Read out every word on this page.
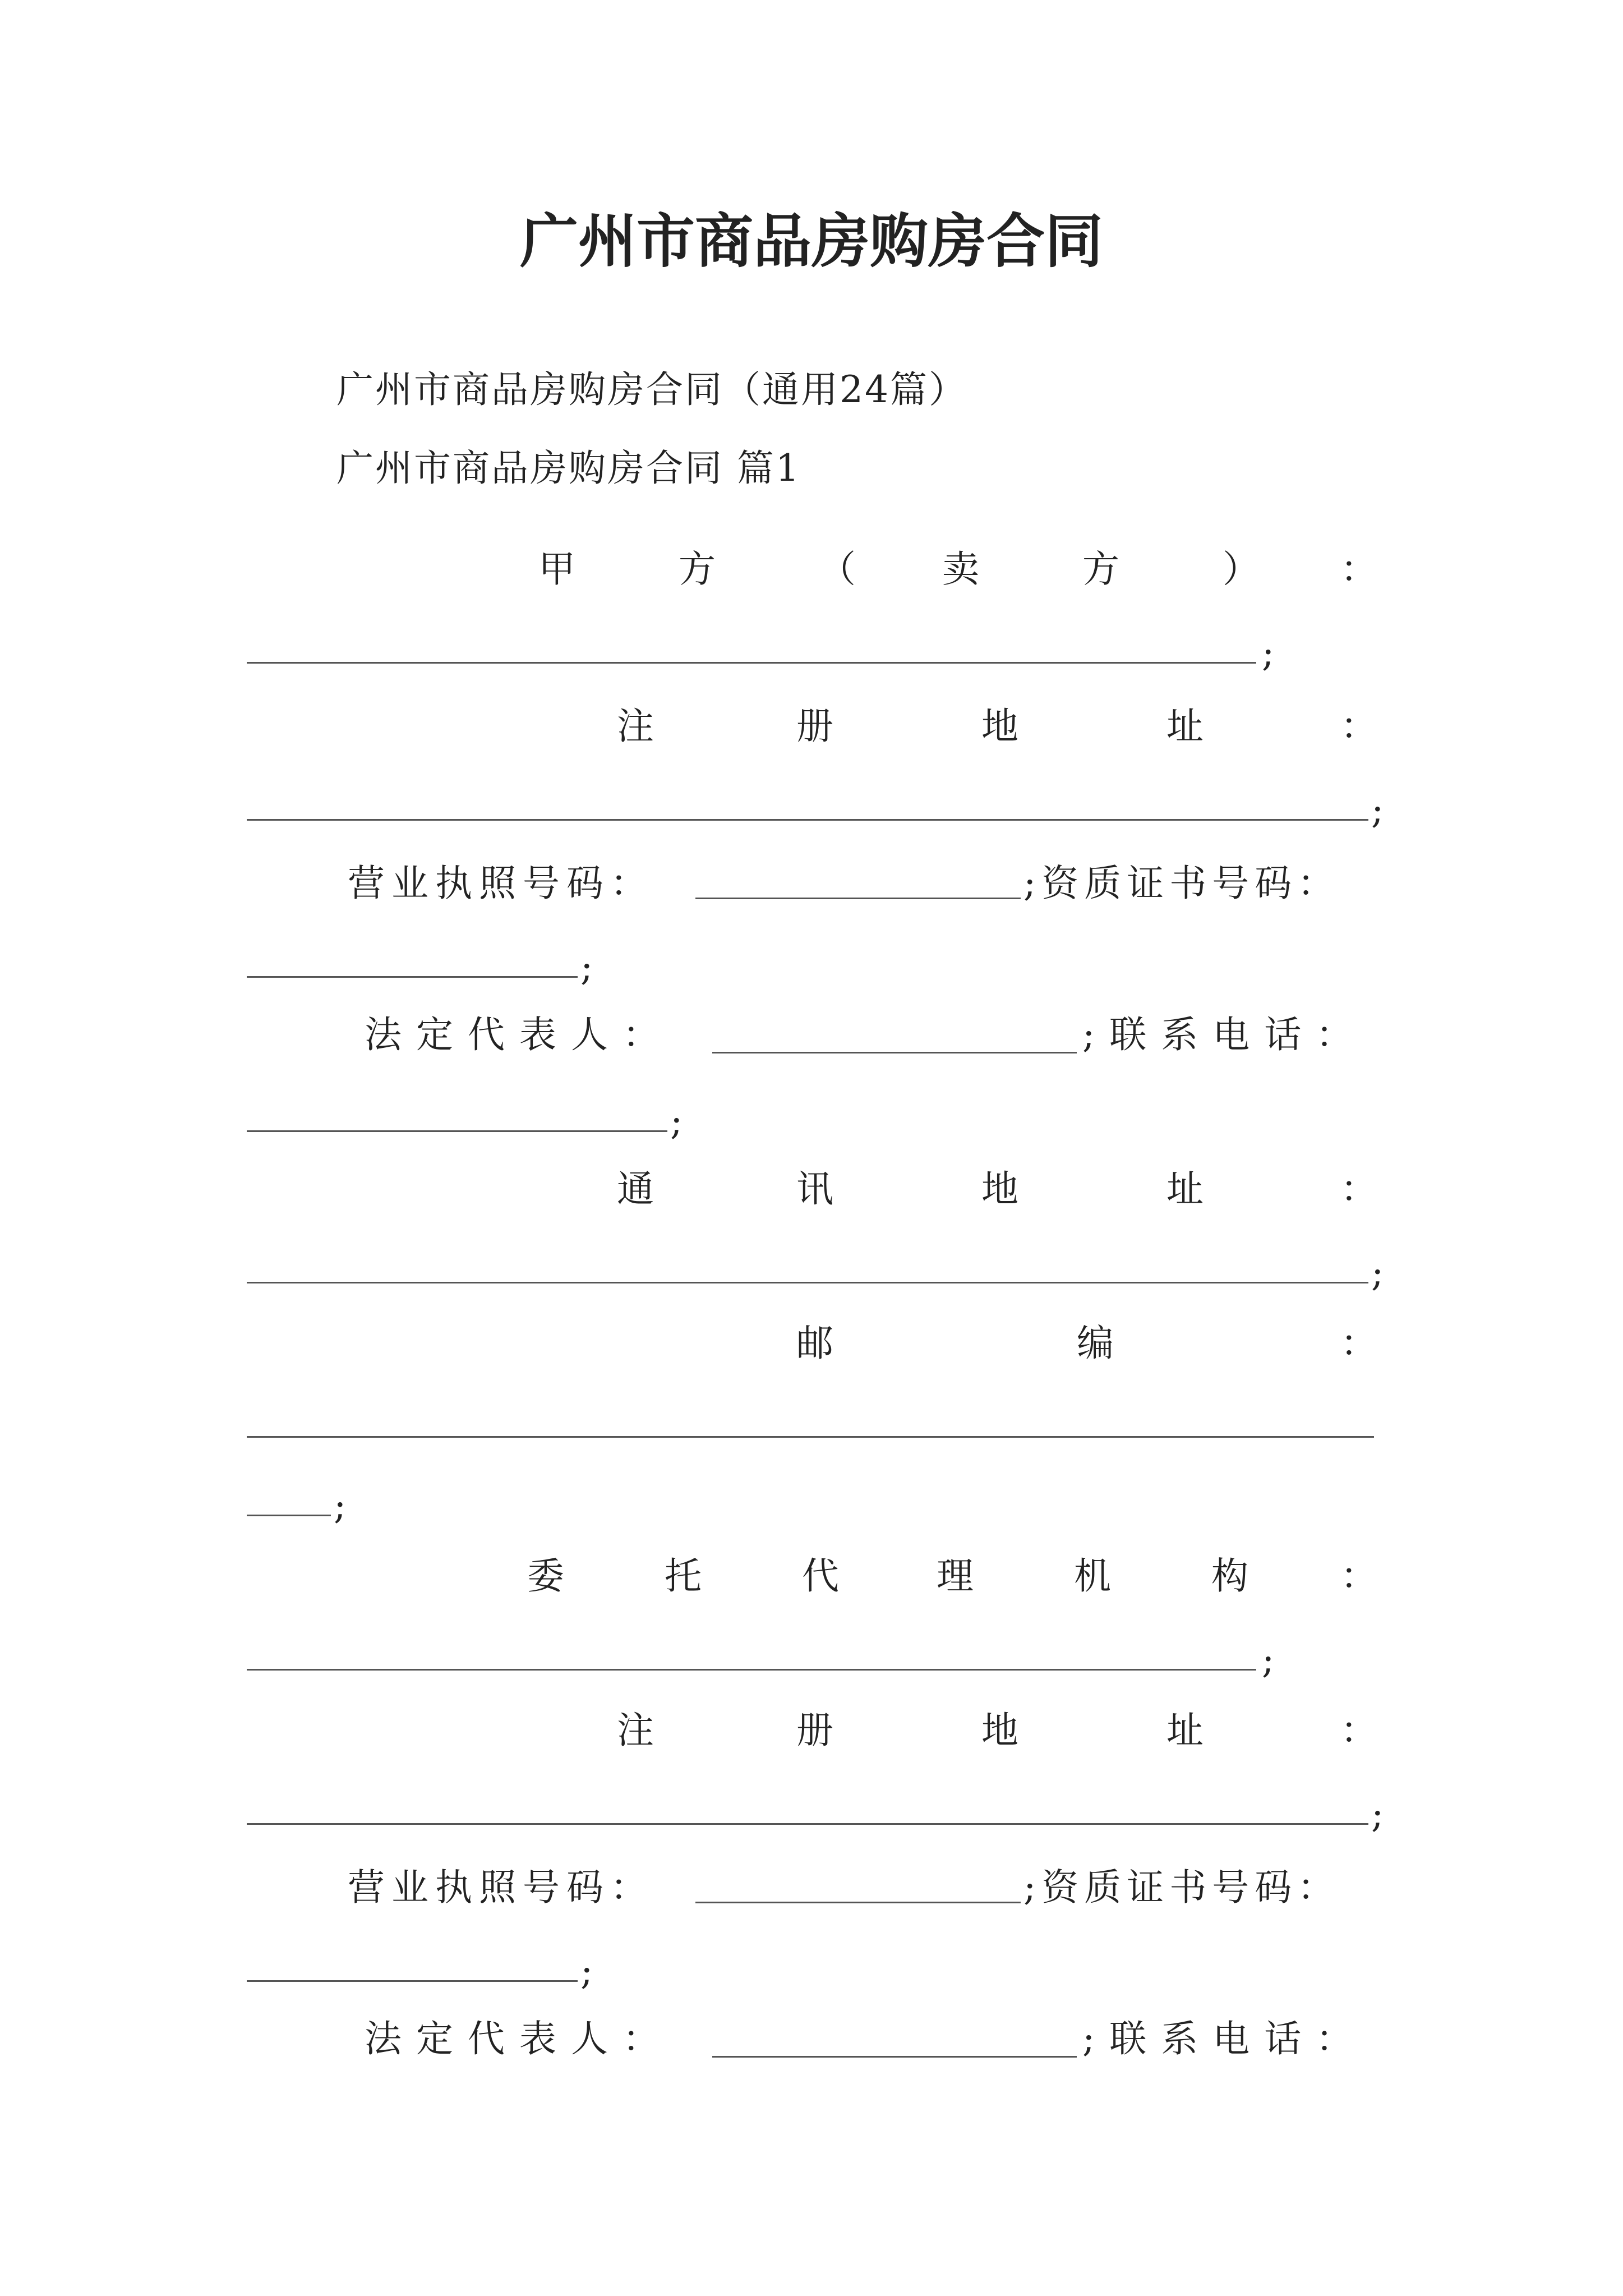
广州市商品房购房合同
广州市商品房购房合同（通用24篇）
广州市商品房购房合同 篇1
甲	方	（ 卖	方	） ：
;
注	册	地	址	：
;
营业执照号码：	;资质证书号码：
;
法定代表人：	;联系电话：
;
通	讯	地	址	：
;
邮	编	：
;
委	托	代	理	机	构 ：
;
注	册	地	址	：
;
营业执照号码：	;资质证书号码：
;
法定代表人：	;联系电话：
